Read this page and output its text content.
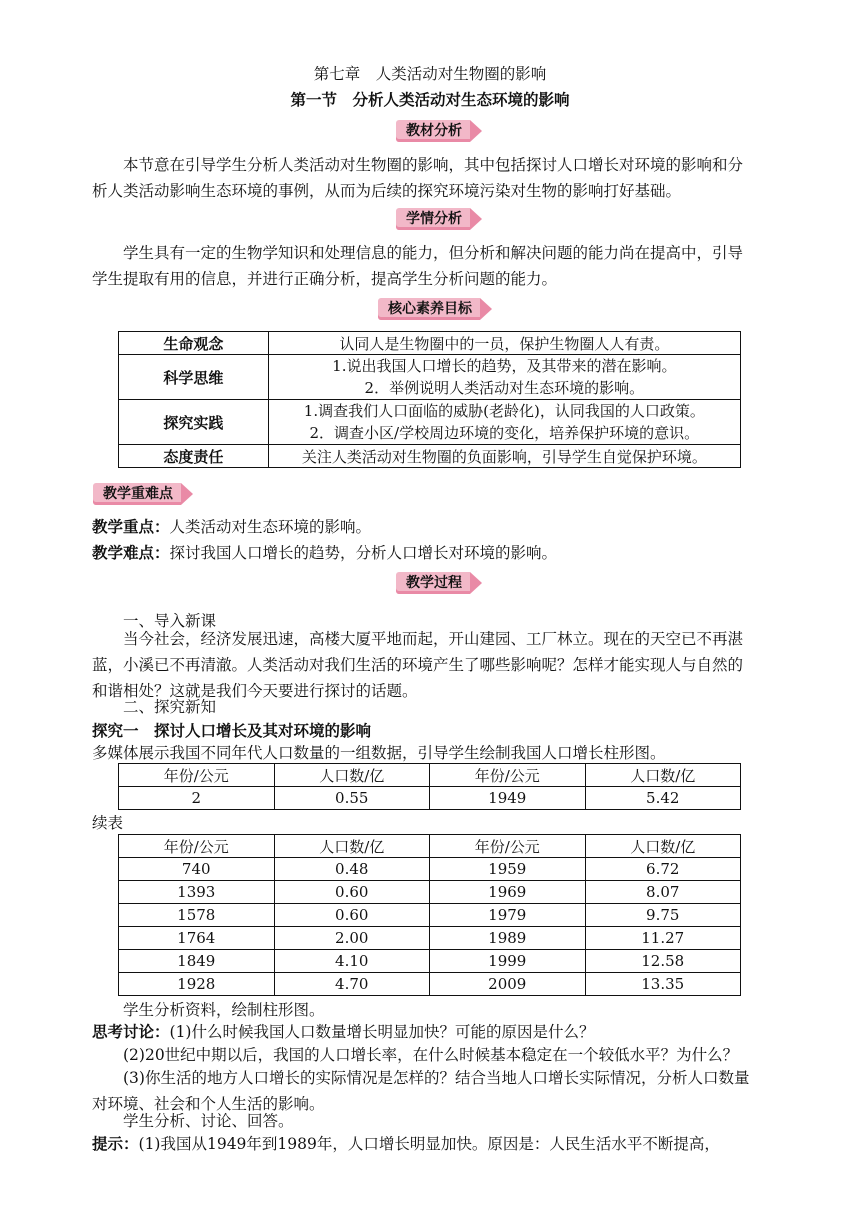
第七章　人类活动对生物圈的影响
第一节　分析人类活动对生态环境的影响
教材分析

本节意在引导学生分析人类活动对生物圈的影响，其中包括探讨人口增长对环境的影响和分析人类活动影响生态环境的事例，从而为后续的探究环境污染对生物的影响打好基础。

学情分析

学生具有一定的生物学知识和处理信息的能力，但分析和解决问题的能力尚在提高中，引导学生提取有用的信息，并进行正确分析，提高学生分析问题的能力。

核心素养目标
生命观念	认同人是生物圈中的一员，保护生物圈人人有责。
科学思维	1.说出我国人口增长的趋势，及其带来的潜在影响。
2．举例说明人类活动对生态环境的影响。

探究实践	1.调查我们人口面临的威胁(老龄化)，认同我国的人口政策。
2．调查小区/学校周边环境的变化，培养保护环境的意识。

态度责任	关注人类活动对生物圈的负面影响，引导学生自觉保护环境。
教学重难点

教学重点：人类活动对生态环境的影响。

教学难点：探讨我国人口增长的趋势，分析人口增长对环境的影响。

教学过程

一、导入新课

当今社会，经济发展迅速，高楼大厦平地而起，开山建园、工厂林立。现在的天空已不再湛蓝，小溪已不再清澈。人类活动对我们生活的环境产生了哪些影响呢？怎样才能实现人与自然的和谐相处？这就是我们今天要进行探讨的话题。

二、探究新知

探究一　探讨人口增长及其对环境的影响

多媒体展示我国不同年代人口数量的一组数据，引导学生绘制我国人口增长柱形图。

年份/公元	人口数/亿	年份/公元	人口数/亿
2	0.55	1949	5.42

续表

年份/公元	人口数/亿	年份/公元	人口数/亿
740	0.48	1959	6.72
1393	0.60	1969	8.07
1578	0.60	1979	9.75
1764	2.00	1989	11.27
1849	4.10	1999	12.58
1928	4.70	2009	13.35

学生分析资料，绘制柱形图。

思考讨论：(1)什么时候我国人口数量增长明显加快？可能的原因是什么？

(2)20世纪中期以后，我国的人口增长率，在什么时候基本稳定在一个较低水平？为什么？

(3)你生活的地方人口增长的实际情况是怎样的？结合当地人口增长实际情况，分析人口数量对环境、社会和个人生活的影响。

学生分析、讨论、回答。

提示：(1)我国从1949年到1989年，人口增长明显加快。原因是：人民生活水平不断提高，
